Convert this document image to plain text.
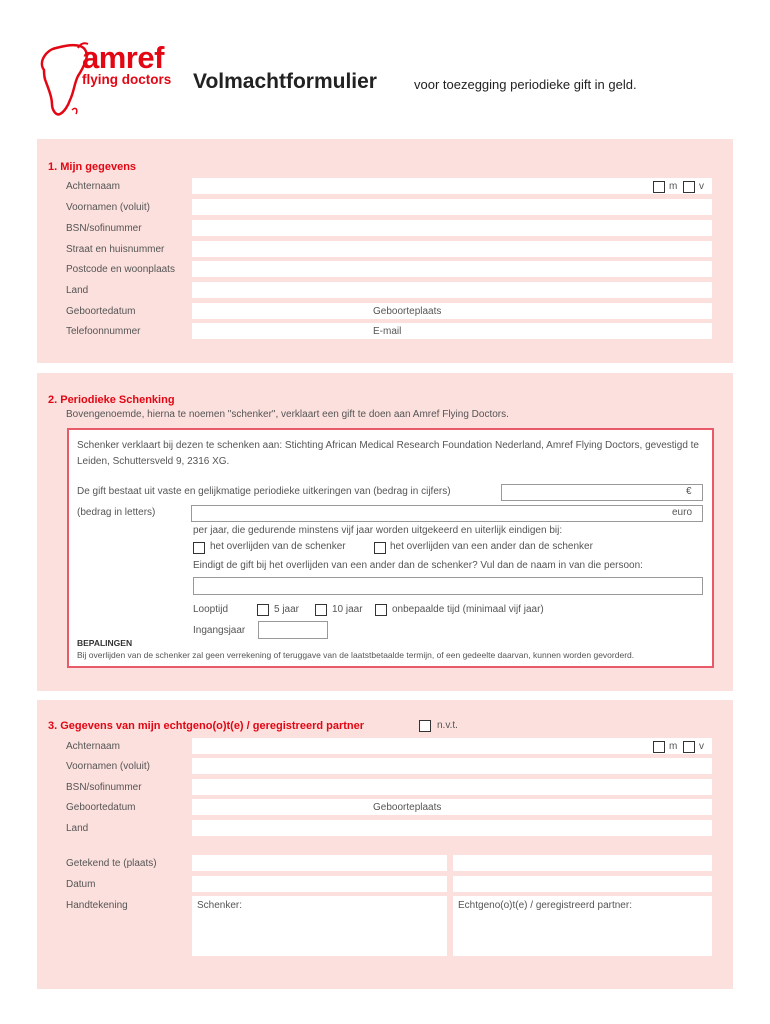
amref
flying doctors Volmachtformulier	voor toezegging periodieke gift in geld.
1. Mijn gegevens
Achternaam	m v
Voornamen (voluit)
BSN/sofinummer
Straat en huisnummer
Postcode en woonplaats
Land
Geboortedatum	Geboorteplaats
Telefoonnummer	E-mail
2. Periodieke Schenking
Bovengenoemde, hierna te noemen "schenker", verklaart een gift te doen aan Amref Flying Doctors.
Schenker verklaart bij dezen te schenken aan: Stichting African Medical Research Foundation Nederland, Amref Flying Doctors, gevestigd te Leiden, Schuttersveld 9, 2316 XG.
De gift bestaat uit vaste en gelijkmatige periodieke uitkeringen van (bedrag in cijfers)	€
(bedrag in letters)	euro
per jaar, die gedurende minstens vijf jaar worden uitgekeerd en uiterlijk eindigen bij:
het overlijden van de schenker	het overlijden van een ander dan de schenker
Eindigt de gift bij het overlijden van een ander dan de schenker? Vul dan de naam in van die persoon:
Looptijd	5 jaar	10 jaar	onbepaalde tijd (minimaal vijf jaar)
Ingangsjaar
BEPALINGEN
Bij overlijden van de schenker zal geen verrekening of teruggave van de laatstbetaalde termijn, of een gedeelte daarvan, kunnen worden gevorderd.
3. Gegevens van mijn echtgeno(o)t(e) / geregistreerd partner	n.v.t.
Achternaam	m v
Voornamen (voluit)
BSN/sofinummer
Geboortedatum	Geboorteplaats
Land
Getekend te (plaats)
Datum
Handtekening	Schenker:	Echtgeno(o)t(e) / geregistreerd partner:
